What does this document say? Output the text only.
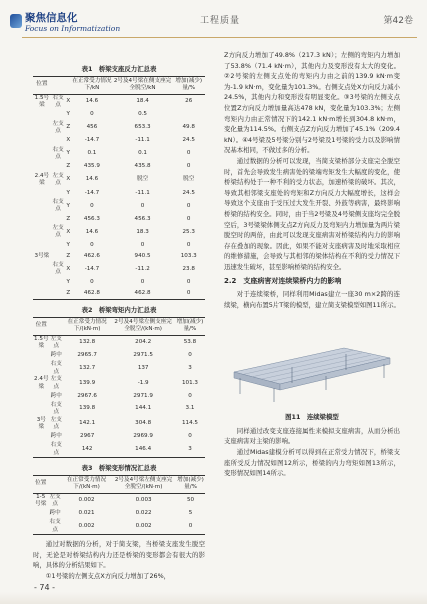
聚焦信息化
Focus on Informatization
工程质量	第42卷
表1　桥梁支座反力汇总表
位置			在正常受力情况下/kN	2号及4号梁在侧支座完全脱空/kN	增加(减少)量/%
1.5号梁	右支点	X	14.6	18.4	26
		Y	0	0.5	
	左支点	Z	456	653.3	49.8
		X	-14.7	-11.1	24.5
	右支点	Y	0.1	0.1	0
		Z	435.9	435.8	0
2.4号梁	左支点	X	14.6	脱空	脱空
		Y	-14.7	-11.1	24.5
	右支点	Y	0	0	0
		Z	456.3	456.3	0
	左支点	X	14.6	18.3	25.3
		Y	0	0	0
3号梁		Z	462.6	940.5	103.3
	右支点	X	-14.7	-11.2	23.8
		Y	0	0	0
		Z	462.8	462.8	0
表2　桥梁弯矩内力汇总表
位置		在正常受力情况下/(kN·m)	2号及4号梁左侧支座完全脱空/(kN·m)	增加(减少)量/%
1.5号梁	左支点	132.8	204.2	53.8
	跨中	2965.7	2971.5	0
	右支点	132.7	137	3
2.4号梁	左支点	139.9	-1.9	101.3
	跨中	2967.6	2971.9	0
	右支点	139.8	144.1	3.1
3号梁	左支点	142.1	304.8	114.5
	跨中	2967	2969.9	0
	右支点	142	146.4	3
表3　桥梁变形情况汇总表
位置		在正常受力情况下/(kN·m)	2号及4号梁左侧支座完全脱空/(kN·m)	增加(减少)量/%
1-5号梁	左支点	0.002	0.003	50
	跨中	0.021	0.022	5
	右支点	0.002	0.002	0

通过对数据的分析，对于简支梁，当桥梁支座发生脱空时，无论是对桥梁结构内力还是桥梁的变形都会有很大的影响，具体的分析结果如下。

①1号梁的左侧支点X方向反力增加了26%，

Z方向反力增加了49.8%（217.3 kN）；左侧的弯矩内力增加了53.8%（71.4 kN·m），其他内力及变形没有太大的变化。②2号梁的左侧支点处的弯矩内力由之前的139.9 kN·m变为-1.9 kN·m，变化量为101.3%。右侧支点处X方向反力减小24.5%，其他内力和变形没有明显变化。③3号梁的左侧支点位置Z方向反力增加量高达478 kN，变化量为103.3%；左侧弯矩内力由正常情况下的142.1 kN·m增长到304.8 kN·m，变化量为114.5%。右侧支点Z方向反力增加了45.1%（209.4 kN）。④4号梁及5号梁分别与2号梁及1号梁的受力以及影响情况基本相同，不做过多的分析。

通过数据的分析可以发现，当简支梁桥部分支座完全脱空时，首先会导致发生病害处的梁端弯矩发生大幅度的变化，使桥梁结构处于一种不利的受力状态，加速桥梁的破坏。其次，导致其相邻梁支座处的弯矩和Z方向反力大幅度增长，这样会导致这个支座由于受压过大发生开裂、外鼓等病害，最终影响桥梁的结构安全。同时，由于当2号梁及4号梁侧支座均完全脱空后，3号梁梁体侧支点Z方向反力及弯矩内力增加量为两片梁脱空时的两倍，由此可以发现支座病害对桥梁结构内力的影响存在叠加的现象。因此，如果不能对支座病害及时地采取相应的维修措施，会导致与其相邻的梁体结构在不利的受力情况下迅速发生破坏，甚至影响桥梁的结构安全。

2.2　支座病害对连续梁桥内力的影响

对于连续梁桥，同样利用Midas建立一座30 m×2跨的连续梁，横向布置5片T梁的模型，建立简支梁模型如图11所示。

图11　连续梁模型

同样通过改变支座连接属性来模拟支座病害，从而分析出支座病害对主梁的影响。

通过Midas建模分析可以得到在正常受力情况下，桥梁支座所受反力情况如图12所示，桥梁的内力弯矩如图13所示，变形情况如图14所示。

- 74 -
